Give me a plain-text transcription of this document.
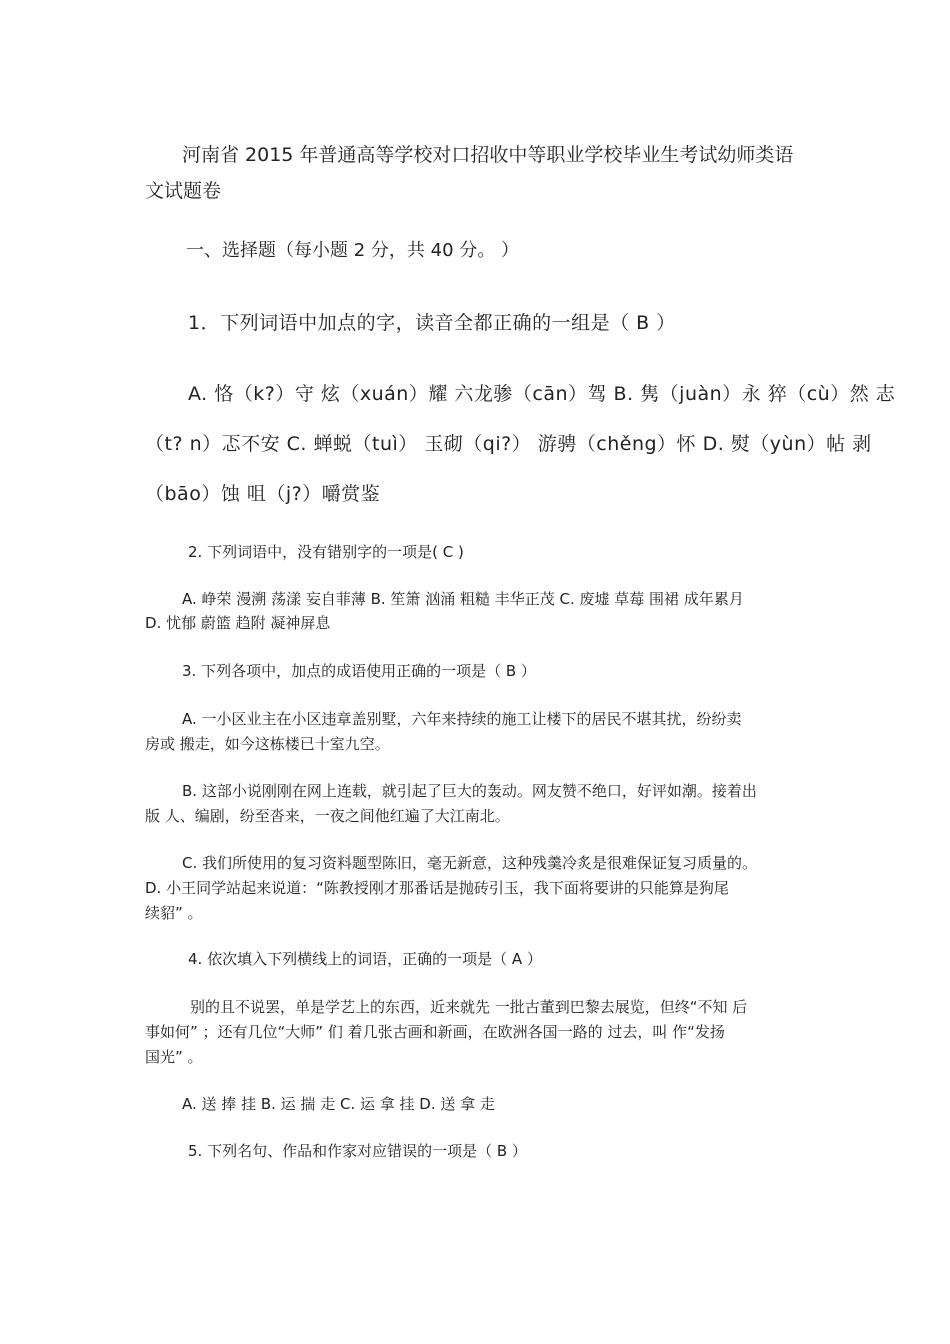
河南省 2015 年普通高等学校对口招收中等职业学校毕业生考试幼师类语
文试题卷
一、选择题（每小题 2 分，共 40 分。 ）
1．下列词语中加点的字，读音全都正确的一组是（ B ）
A. 恪（k?）守 炫（xuán）耀 六龙骖（cān）驾 B. 隽（juàn）永 猝（cù）然 志
（t? n）忑不安 C. 蝉蜕（tuì） 玉砌（qi?） 游骋（chěng）怀 D. 熨（yùn）帖 剥
（bāo）蚀 咀（j?）嚼赏鉴
2. 下列词语中，没有错别字的一项是( C )
A. 峥荣 漫溯 荡漾 妄自菲薄 B. 笙箫 汹涌 粗糙 丰华正茂 C. 废墟 草莓 围裙 成年累月
D. 忧郁 蔚篮 趋附 凝神屏息
3. 下列各项中，加点的成语使用正确的一项是（ B ）
A. 一小区业主在小区违章盖别墅，六年来持续的施工让楼下的居民不堪其扰，纷纷卖
房或 搬走，如今这栋楼已十室九空。
B. 这部小说刚刚在网上连载，就引起了巨大的轰动。网友赞不绝口，好评如潮。接着出
版 人、编剧，纷至沓来，一夜之间他红遍了大江南北。
C. 我们所使用的复习资料题型陈旧，毫无新意，这种残羹冷炙是很难保证复习质量的。
D. 小王同学站起来说道：“陈教授刚才那番话是抛砖引玉，我下面将要讲的只能算是狗尾
续貂” 。
4. 依次填入下列横线上的词语，正确的一项是（ A ）
别的且不说罢，单是学艺上的东西，近来就先 一批古董到巴黎去展览，但终“不知 后
事如何” ；还有几位“大师” 们 着几张古画和新画，在欧洲各国一路的 过去，叫 作“发扬
国光” 。
A. 送 捧 挂 B. 运 揣 走 C. 运 拿 挂 D. 送 拿 走
5. 下列名句、作品和作家对应错误的一项是（ B ）
